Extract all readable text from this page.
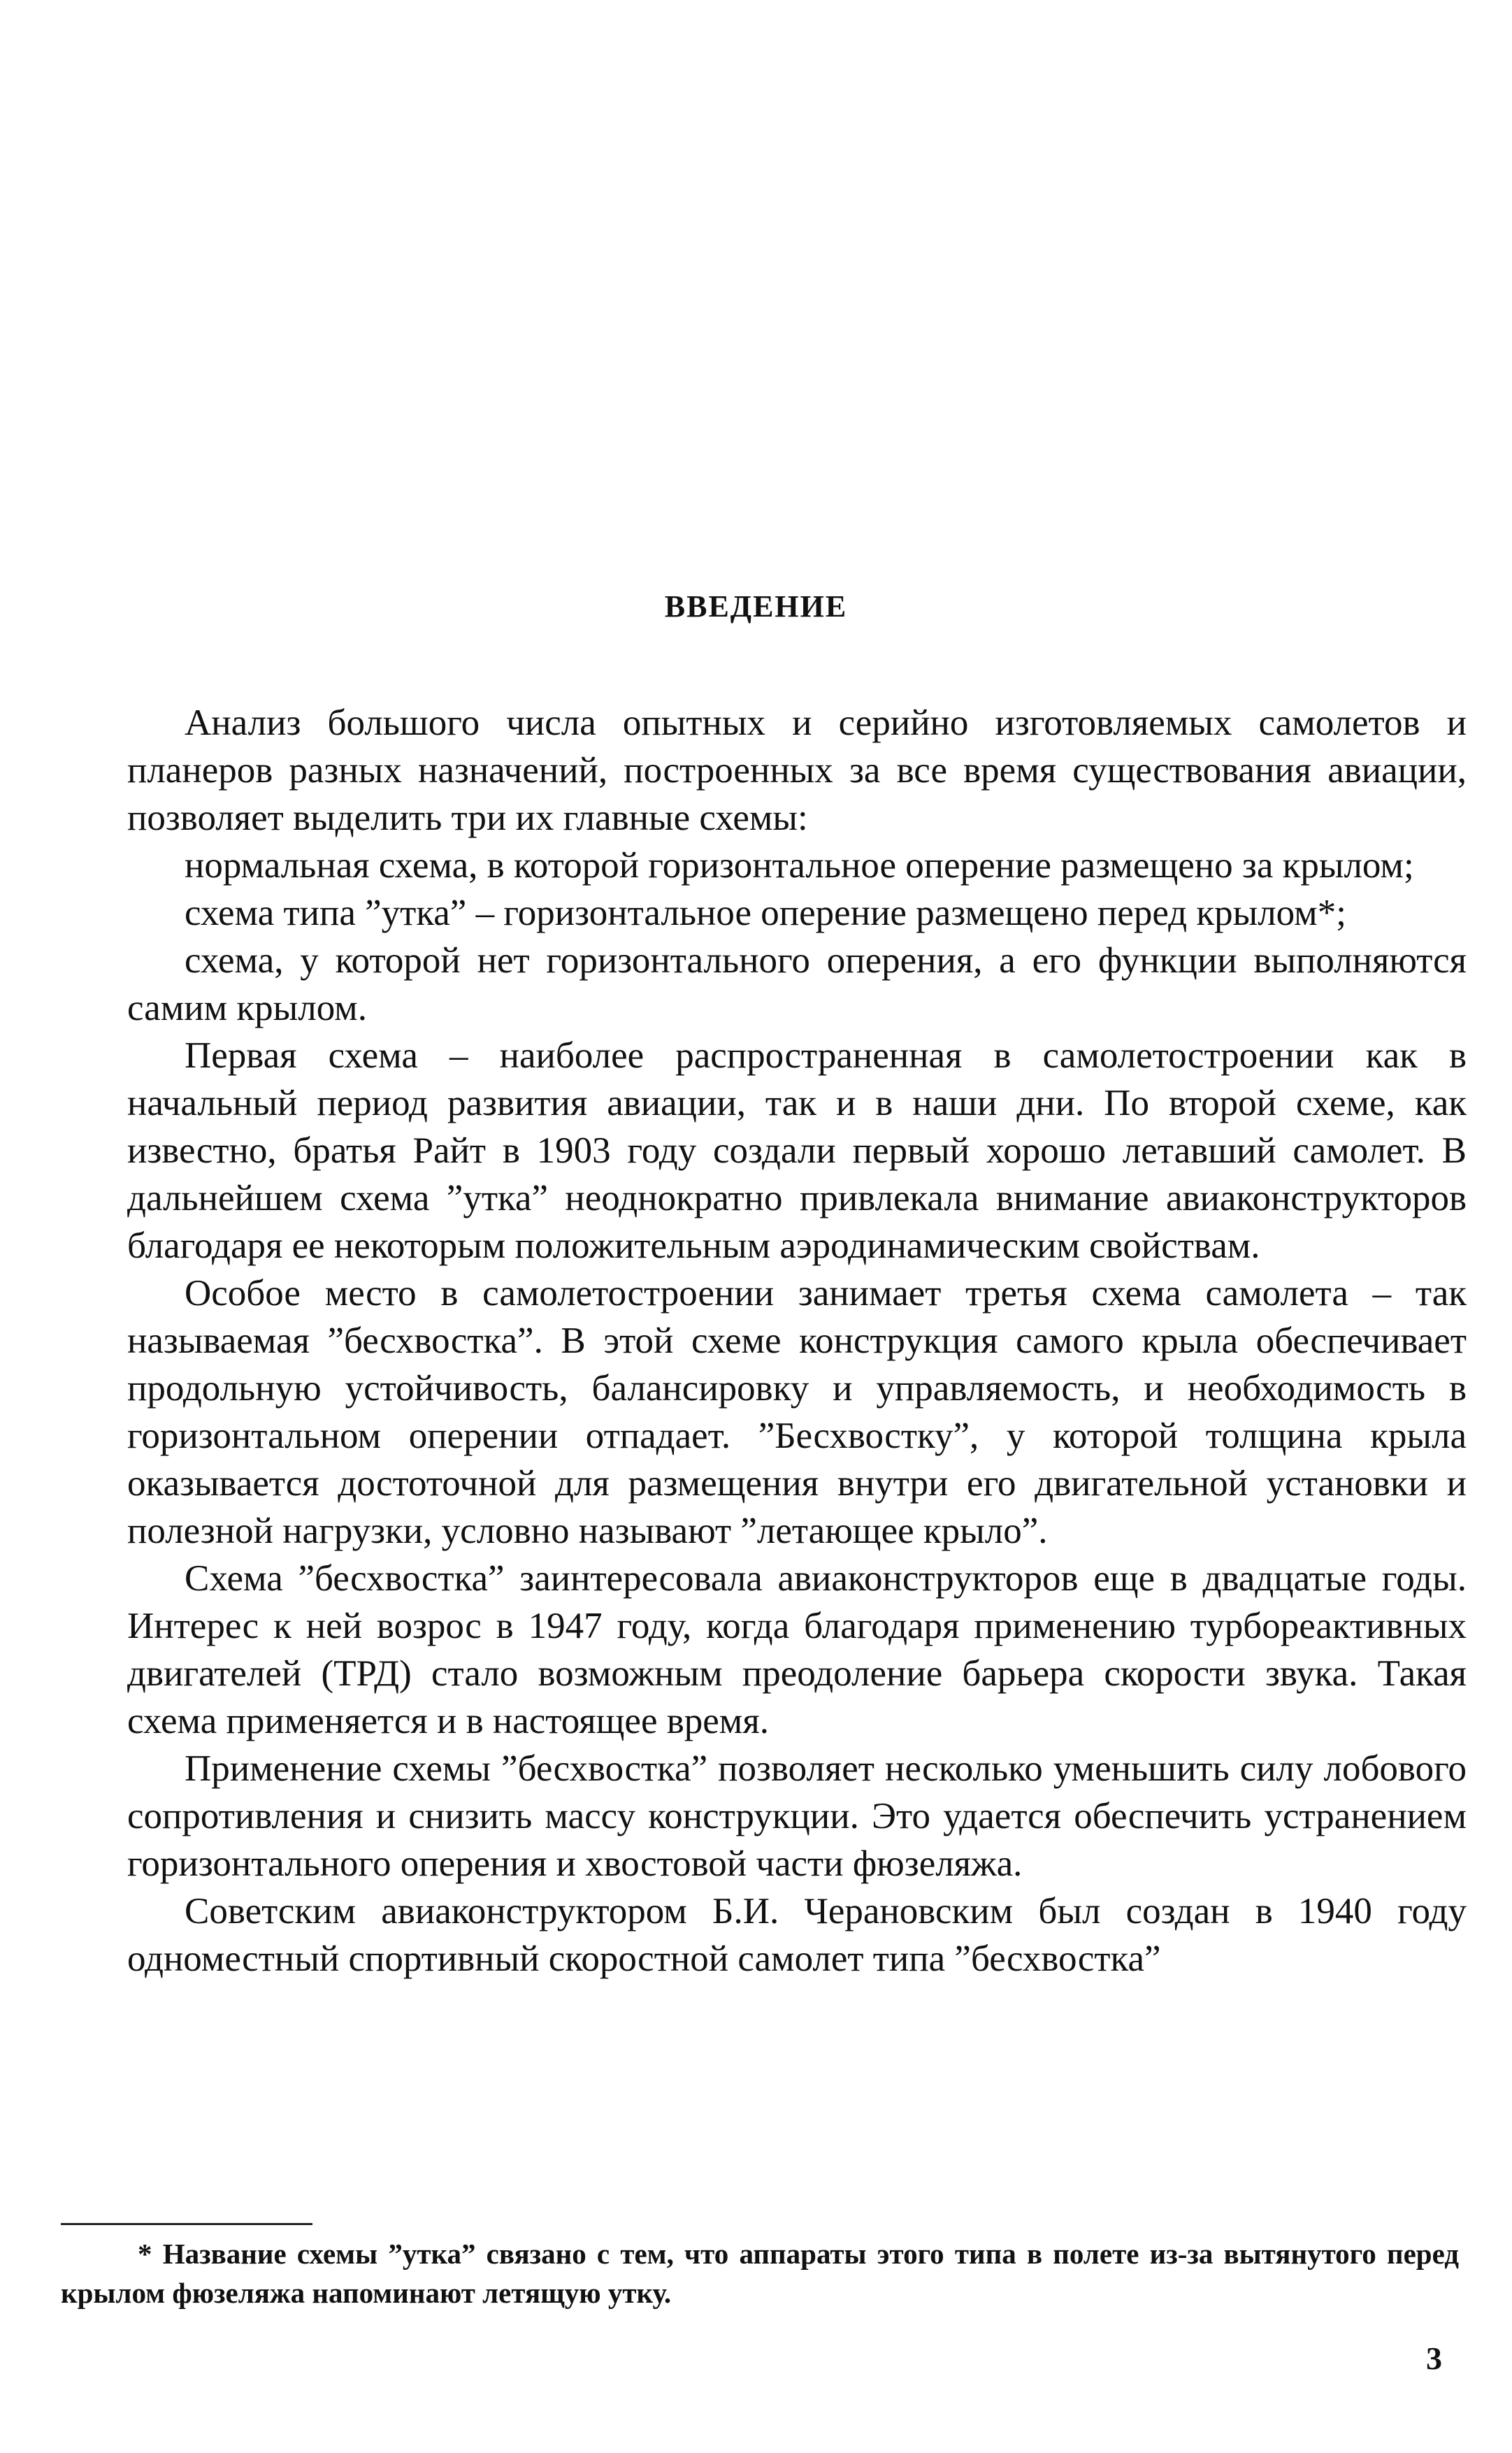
ВВЕДЕНИЕ

Анализ большого числа опытных и серийно изготовляемых самолетов и планеров разных назначений, построенных за все время существования авиации, позволяет выделить три их главные схемы:

нормальная схема, в которой горизонтальное оперение размещено за крылом;

схема типа ”утка” – горизонтальное оперение размещено перед крылом*;

схема, у которой нет горизонтального оперения, а его функции выполняются самим крылом.

Первая схема – наиболее распространенная в самолетостроении как в начальный период развития авиации, так и в наши дни. По второй схеме, как известно, братья Райт в 1903 году создали первый хорошо летавший самолет. В дальнейшем схема ”утка” неоднократно привлекала внимание авиаконструкторов благодаря ее некоторым положительным аэродинамическим свойствам.

Особое место в самолетостроении занимает третья схема самолета – так называемая ”бесхвостка”. В этой схеме конструкция самого крыла обеспечивает продольную устойчивость, балансировку и управляемость, и необходимость в горизонтальном оперении отпадает. ”Бесхвостку”, у которой толщина крыла оказывается достоточной для размещения внутри его двигательной установки и полезной нагрузки, условно называют ”летающее крыло”.

Схема ”бесхвостка” заинтересовала авиаконструкторов еще в двадцатые годы. Интерес к ней возрос в 1947 году, когда благодаря применению турбореактивных двигателей (ТРД) стало возможным преодоление барьера скорости звука. Такая схема применяется и в настоящее время.

Применение схемы ”бесхвостка” позволяет несколько уменьшить силу лобового сопротивления и снизить массу конструкции. Это удается обеспечить устранением горизонтального оперения и хвостовой части фюзеляжа.

Советским авиаконструктором Б.И. Черановским был создан в 1940 году одноместный спортивный скоростной самолет типа ”бесхвостка”

* Название схемы ”утка” связано с тем, что аппараты этого типа в полете из-за вытянутого перед крылом фюзеляжа напоминают летящую утку.
3
